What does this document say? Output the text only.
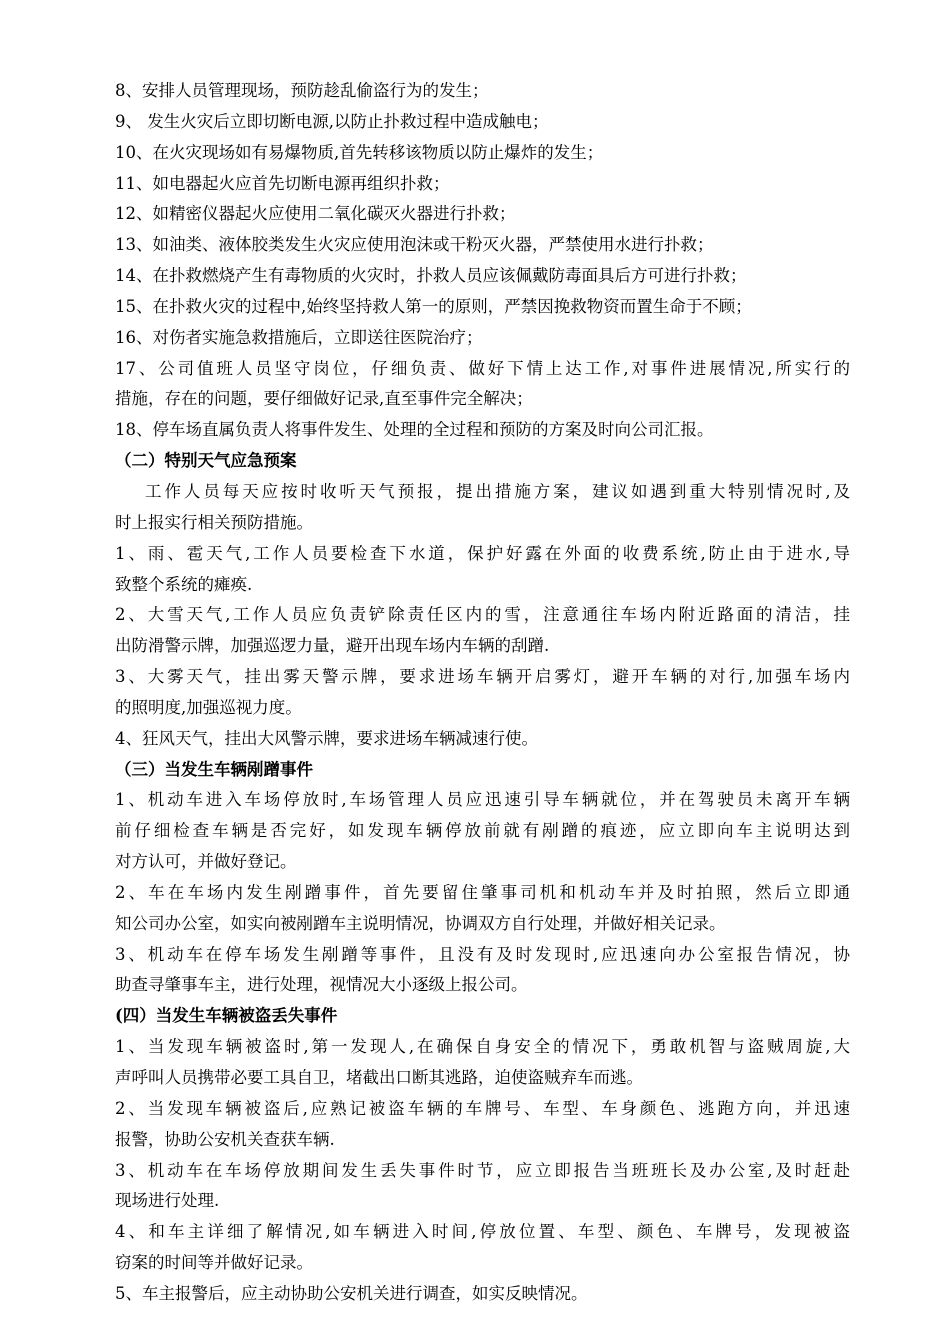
8、安排人员管理现场，预防趁乱偷盗行为的发生；
9、 发生火灾后立即切断电源,以防止扑救过程中造成触电；
10、在火灾现场如有易爆物质,首先转移该物质以防止爆炸的发生；
11、如电器起火应首先切断电源再组织扑救；
12、如精密仪器起火应使用二氧化碳灭火器进行扑救；
13、如油类、液体胶类发生火灾应使用泡沫或干粉灭火器，严禁使用水进行扑救；
14、在扑救燃烧产生有毒物质的火灾时，扑救人员应该佩戴防毒面具后方可进行扑救；
15、在扑救火灾的过程中,始终坚持救人第一的原则，严禁因挽救物资而置生命于不顾；
16、对伤者实施急救措施后，立即送往医院治疗；
17、公司值班人员坚守岗位，仔细负责、做好下情上达工作,对事件进展情况,所实行的
措施，存在的问题，要仔细做好记录,直至事件完全解决；
18、停车场直属负责人将事件发生、处理的全过程和预防的方案及时向公司汇报。
（二）特别天气应急预案
工作人员每天应按时收听天气预报，提出措施方案，建议如遇到重大特别情况时,及
时上报实行相关预防措施。
1、雨、雹天气,工作人员要检查下水道，保护好露在外面的收费系统,防止由于进水,导
致整个系统的瘫痪.
2、大雪天气,工作人员应负责铲除责任区内的雪，注意通往车场内附近路面的清洁，挂
出防滑警示牌，加强巡逻力量，避开出现车场内车辆的刮蹭.
3、大雾天气，挂出雾天警示牌，要求进场车辆开启雾灯，避开车辆的对行,加强车场内
的照明度,加强巡视力度。
4、狂风天气，挂出大风警示牌，要求进场车辆减速行使。
（三）当发生车辆剐蹭事件
1、机动车进入车场停放时,车场管理人员应迅速引导车辆就位，并在驾驶员未离开车辆
前仔细检查车辆是否完好，如发现车辆停放前就有剐蹭的痕迹，应立即向车主说明达到
对方认可，并做好登记。
2、车在车场内发生剐蹭事件，首先要留住肇事司机和机动车并及时拍照，然后立即通
知公司办公室，如实向被剐蹭车主说明情况，协调双方自行处理，并做好相关记录。
3、机动车在停车场发生剐蹭等事件，且没有及时发现时,应迅速向办公室报告情况，协
助查寻肇事车主，进行处理，视情况大小逐级上报公司。
(四）当发生车辆被盗丢失事件
1、当发现车辆被盗时,第一发现人,在确保自身安全的情况下，勇敢机智与盗贼周旋,大
声呼叫人员携带必要工具自卫，堵截出口断其逃路，迫使盗贼弃车而逃。
2、当发现车辆被盗后,应熟记被盗车辆的车牌号、车型、车身颜色、逃跑方向，并迅速
报警，协助公安机关查获车辆.
3、机动车在车场停放期间发生丢失事件时节，应立即报告当班班长及办公室,及时赶赴
现场进行处理.
4、和车主详细了解情况,如车辆进入时间,停放位置、车型、颜色、车牌号，发现被盗
窃案的时间等并做好记录。
5、车主报警后，应主动协助公安机关进行调查，如实反映情况。
